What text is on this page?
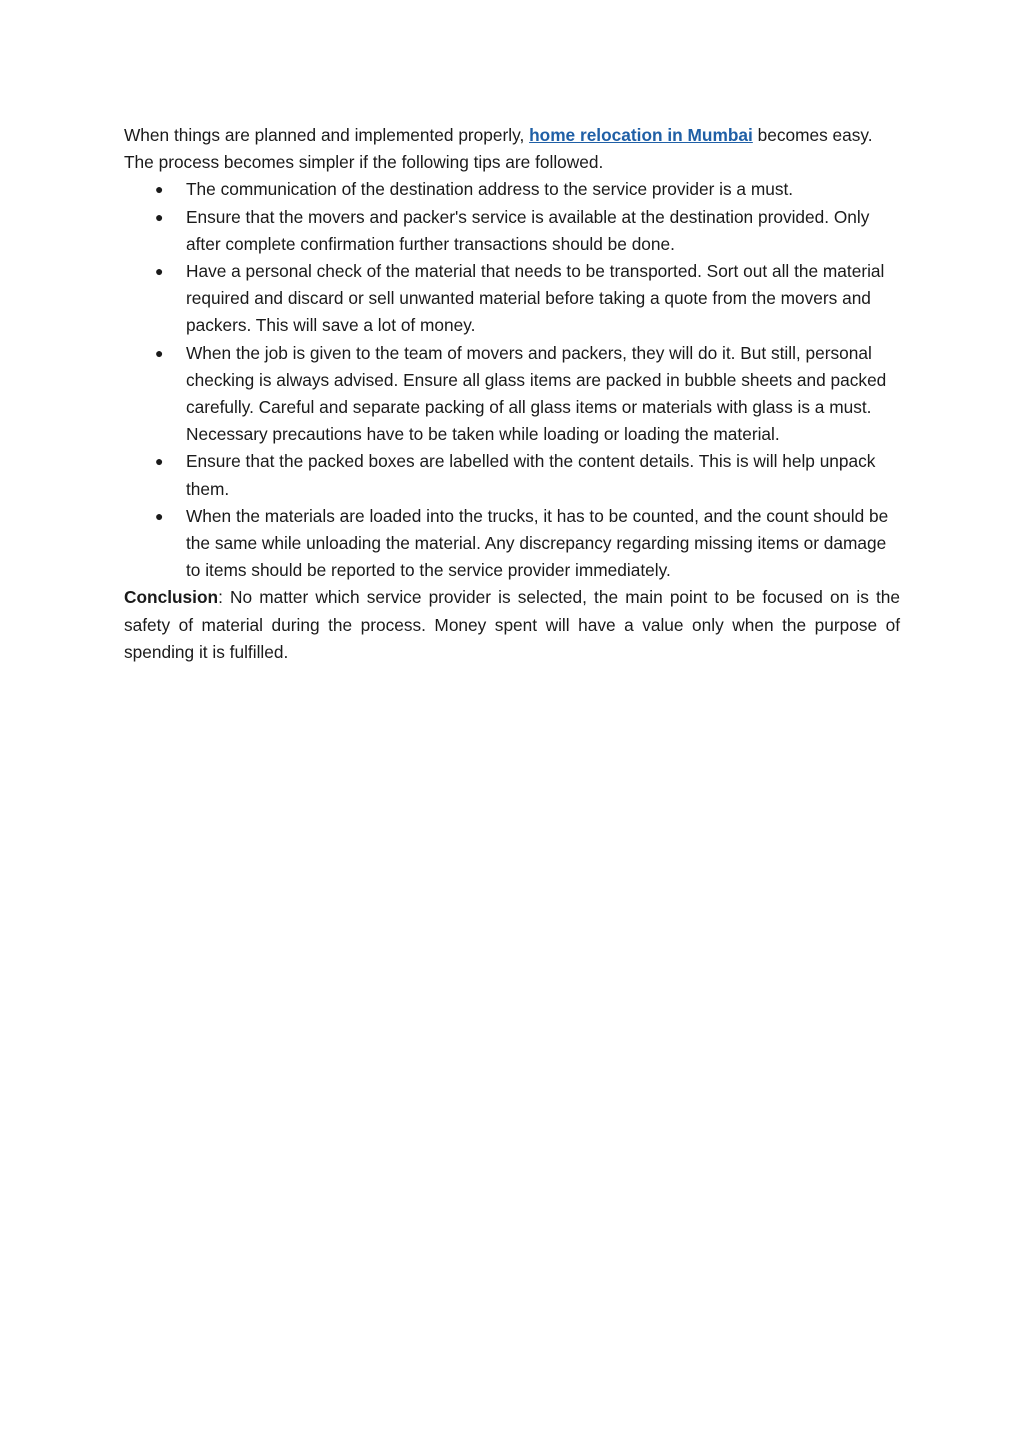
When things are planned and implemented properly, home relocation in Mumbai becomes easy. The process becomes simpler if the following tips are followed.

● The communication of the destination address to the service provider is a must.
● Ensure that the movers and packer's service is available at the destination provided. Only after complete confirmation further transactions should be done.
● Have a personal check of the material that needs to be transported. Sort out all the material required and discard or sell unwanted material before taking a quote from the movers and packers. This will save a lot of money.
● When the job is given to the team of movers and packers, they will do it. But still, personal checking is always advised. Ensure all glass items are packed in bubble sheets and packed carefully. Careful and separate packing of all glass items or materials with glass is a must. Necessary precautions have to be taken while loading or loading the material.
● Ensure that the packed boxes are labelled with the content details. This is will help unpack them.
● When the materials are loaded into the trucks, it has to be counted, and the count should be the same while unloading the material. Any discrepancy regarding missing items or damage to items should be reported to the service provider immediately.

Conclusion: No matter which service provider is selected, the main point to be focused on is the safety of material during the process. Money spent will have a value only when the purpose of spending it is fulfilled.
